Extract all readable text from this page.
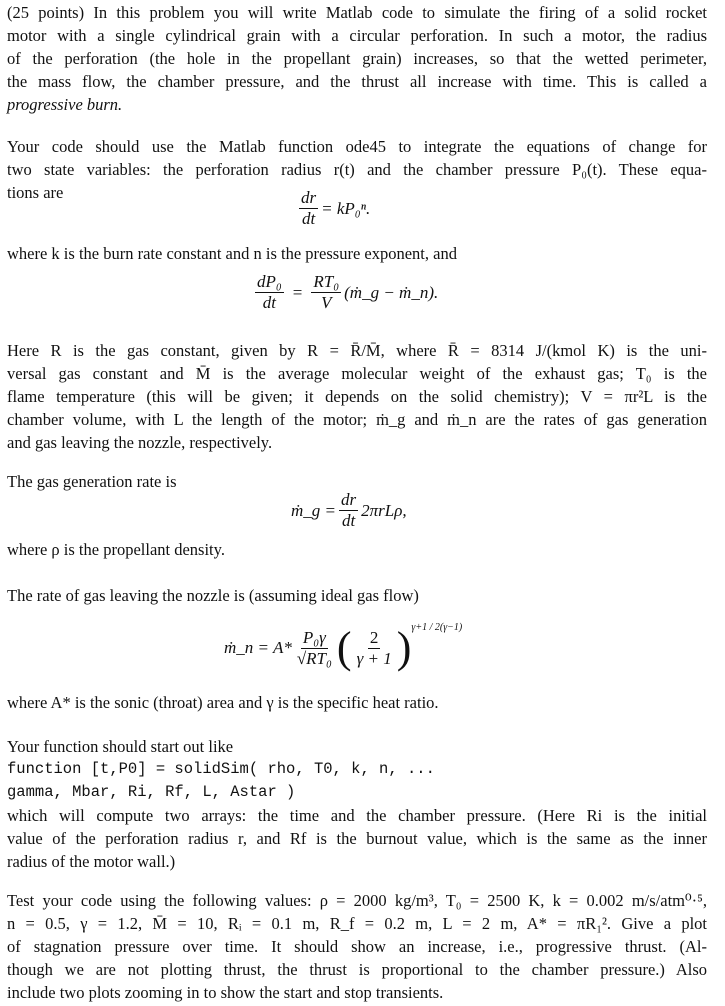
(25 points) In this problem you will write Matlab code to simulate the firing of a solid rocket
motor with a single cylindrical grain with a circular perforation. In such a motor, the radius
of the perforation (the hole in the propellant grain) increases, so that the wetted perimeter,
the mass flow, the chamber pressure, and the thrust all increase with time. This is called a
progressive burn.
Your code should use the Matlab function ode45 to integrate the equations of change for
two state variables: the perforation radius r(t) and the chamber pressure P₀(t). These equa-
tions are	$\frac{dr}{dt} = kP_0^n$.
where k is the burn rate constant and n is the pressure exponent, and
$\frac{\text{dP₀}}{dt} = \frac{\text{RT₀}}{V}$ (ṁ_g − ṁ_n).
Here R is the gas constant, given by R = R̄/M̄, where R̄ = 8314 J/(kmol K) is the uni-
versal gas constant and M̄ is the average molecular weight of the exhaust gas; T₀ is the
flame temperature (this will be given; it depends on the solid chemistry); V = πr²L is the
chamber volume, with L the length of the motor; ṁ_g and ṁ_n are the rates of gas generation
and gas leaving the nozzle, respectively.
The gas generation rate is
ṁ_g = $\frac{dr}{dt} 2\pi rL\rho$,
where ρ is the propellant density.
The rate of gas leaving the nozzle is (assuming ideal gas flow)
ṁ_n = $A* \frac{\text{P₀γ}}{\text{√RT₀}}$ ( $\frac{2}{\gamma + 1}$ ) γ+1 / 2(γ−1)
where A* is the sonic (throat) area and γ is the specific heat ratio.
Your function should start out like
function [t,P0] = solidSim( rho, T0, k, n, ...
gamma, Mbar, Ri, Rf, L, Astar )
which will compute two arrays: the time and the chamber pressure. (Here Ri is the initial
value of the perforation radius r, and Rf is the burnout value, which is the same as the inner
radius of the motor wall.)
Test your code using the following values: ρ = 2000 kg/m³, T₀ = 2500 K, k = 0.002 m/s/atm⁰·⁵,
n = 0.5, γ = 1.2, M̄ = 10, Rᵢ = 0.1 m, R_f = 0.2 m, L = 2 m, A* = πR₁². Give a plot
of stagnation pressure over time. It should show an increase, i.e., progressive thrust. (Al-
though we are not plotting thrust, the thrust is proportional to the chamber pressure.) Also
include two plots zooming in to show the start and stop transients.
